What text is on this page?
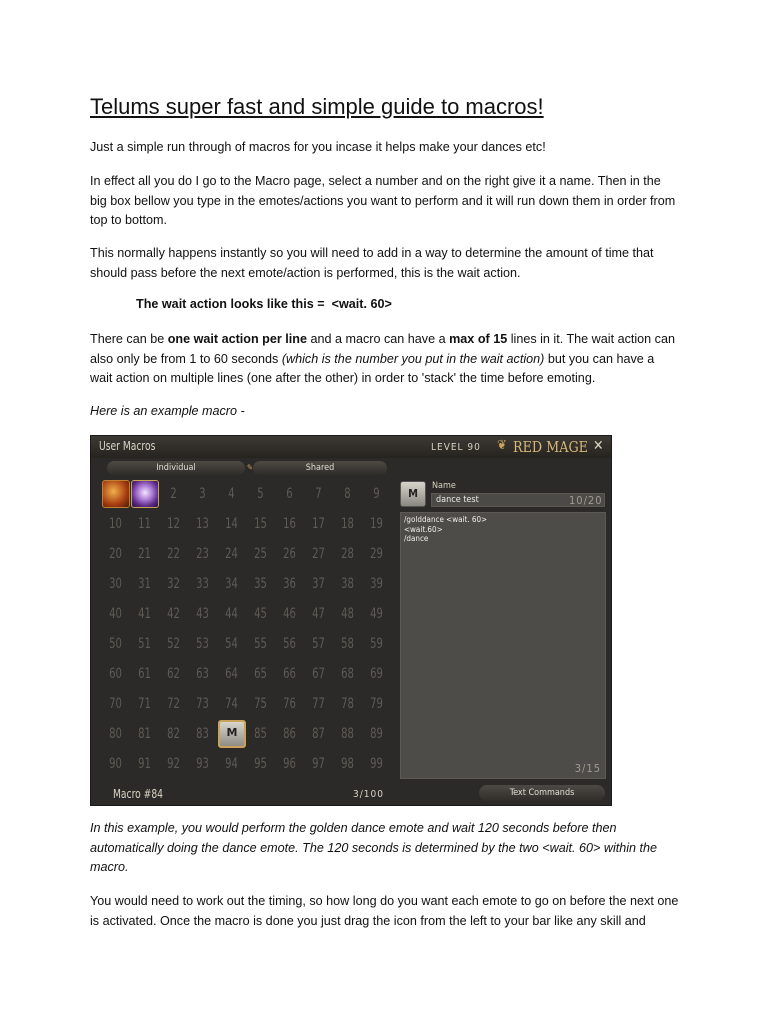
Telums super fast and simple guide to macros!
Just a simple run through of macros for you incase it helps make your dances etc!
In effect all you do I go to the Macro page, select a number and on the right give it a name. Then in the big box bellow you type in the emotes/actions you want to perform and it will run down them in order from top to bottom.
This normally happens instantly so you will need to add in a way to determine the amount of time that should pass before the next emote/action is performed, this is the wait action.
The wait action looks like this =  <wait. 60>
There can be one wait action per line and a macro can have a max of 15 lines in it. The wait action can also only be from 1 to 60 seconds (which is the number you put in the wait action) but you can have a wait action on multiple lines (one after the other) in order to 'stack' the time before emoting.
Here is an example macro -
User Macros	LEVEL 90 ❦ RED MAGE ✕
Individual	✎	Shared
M
2	3	4	5	6	7	8	9
10	11	12	13	14	15	16	17	18	19
20	21	22	23	24	25	26	27	28	29
30	31	32	33	34	35	36	37	38	39
40	41	42	43	44	45	46	47	48	49
50	51	52	53	54	55	56	57	58	59
60	61	62	63	64	65	66	67	68	69
70	71	72	73	74	75	76	77	78	79
80	81	82	83	85	86	87	88	89
90	91	92	93	94	95	96	97	98	99
M
Name
dance test	10/20
/golddance <wait. 60>
<wait.60>
/dance
3/15
Macro #84	3/100	Text Commands
In this example, you would perform the golden dance emote and wait 120 seconds before then automatically doing the dance emote. The 120 seconds is determined by the two <wait. 60> within the macro.
You would need to work out the timing, so how long do you want each emote to go on before the next one is activated. Once the macro is done you just drag the icon from the left to your bar like any skill and
